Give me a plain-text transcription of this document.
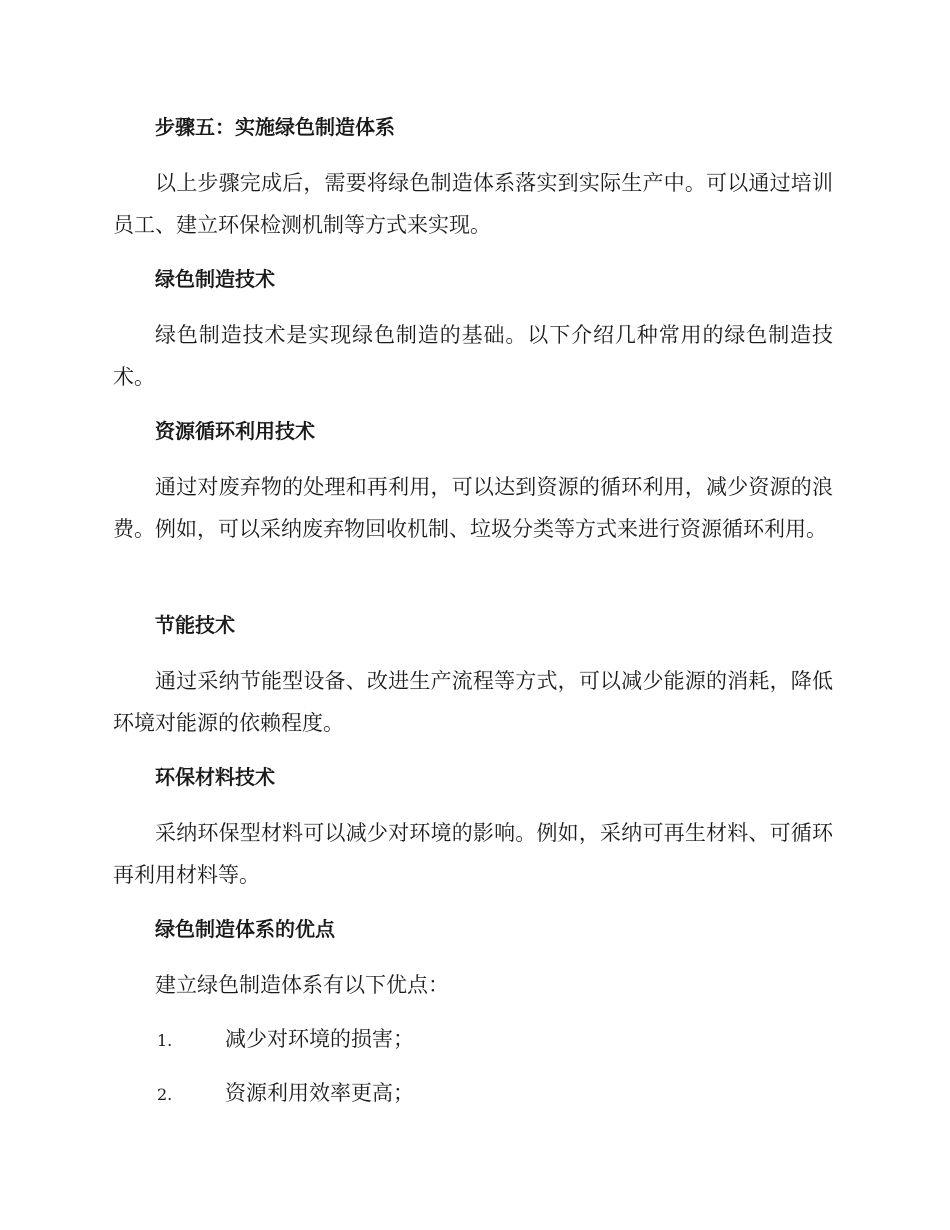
步骤五：实施绿色制造体系

以上步骤完成后，需要将绿色制造体系落实到实际生产中。可以通过培训员工、建立环保检测机制等方式来实现。

绿色制造技术

绿色制造技术是实现绿色制造的基础。以下介绍几种常用的绿色制造技术。

资源循环利用技术

通过对废弃物的处理和再利用，可以达到资源的循环利用，减少资源的浪费。例如，可以采纳废弃物回收机制、垃圾分类等方式来进行资源循环利用。

节能技术

通过采纳节能型设备、改进生产流程等方式，可以减少能源的消耗，降低环境对能源的依赖程度。

环保材料技术

采纳环保型材料可以减少对环境的影响。例如，采纳可再生材料、可循环再利用材料等。

绿色制造体系的优点

建立绿色制造体系有以下优点：

1.	减少对环境的损害；
2.	资源利用效率更高；
